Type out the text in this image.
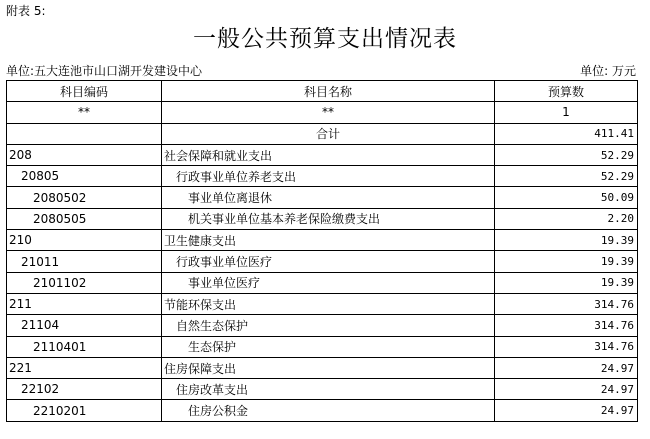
附表 5:
一般公共预算支出情况表
单位:五大连池市山口湖开发建设中心	单位: 万元
科目编码	科目名称	预算数
**	**	1
	合计	411.41
208	社会保障和就业支出	52.29
20805	行政事业单位养老支出	52.29
2080502	事业单位离退休	50.09
2080505	机关事业单位基本养老保险缴费支出	2.20
210	卫生健康支出	19.39
21011	行政事业单位医疗	19.39
2101102	事业单位医疗	19.39
211	节能环保支出	314.76
21104	自然生态保护	314.76
2110401	生态保护	314.76
221	住房保障支出	24.97
22102	住房改革支出	24.97
2210201	住房公积金	24.97
